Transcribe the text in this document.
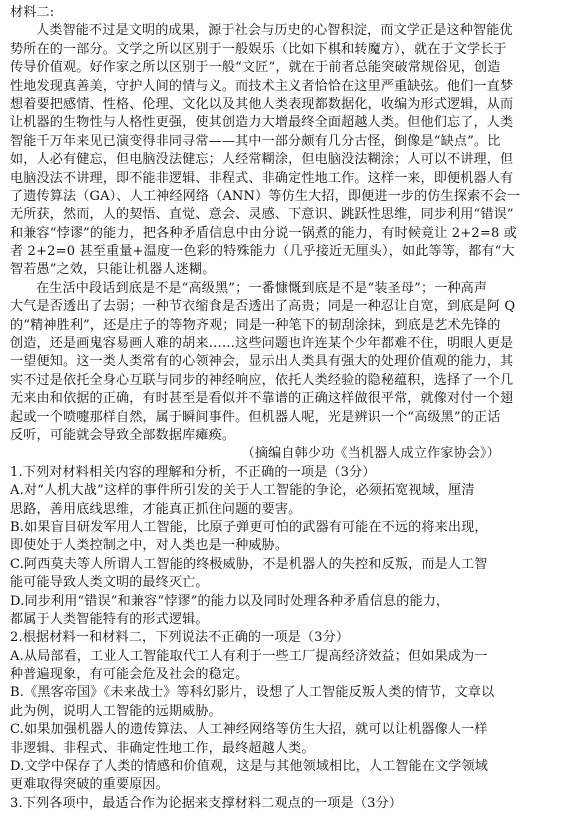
材料二:
人类智能不过是文明的成果，源于社会与历史的心智积淀，而文学正是这种智能优
势所在的一部分。文学之所以区别于一般娱乐（比如下棋和转魔方），就在于文学长于
传导价值观。好作家之所以区别于一般“文匠”，就在于前者总能突破常规俗见，创造
性地发现真善美，守护人间的情与义。而技术主义者恰恰在这里严重缺弦。他们一直梦
想着要把感情、性格、伦理、文化以及其他人类表现都数据化，收编为形式逻辑，从而
让机器的生物性与人格性更强，使其创造力大增最终全面超越人类。但他们忘了，人类
智能千万年来见已演变得非同寻常——其中一部分颇有几分古怪，倒像是“缺点”。比
如，人必有健忘，但电脑没法健忘；人经常糊涂，但电脑没法糊涂；人可以不讲理，但
电脑没法不讲理，即不能非逻辑、非程式、非确定性地工作。这样一来，即便机器人有
了遗传算法（GA）、人工神经网络（ANN）等仿生大招，即便进一步的仿生探索不会一
无所获，然而，人的契悟、直觉、意会、灵感、下意识、跳跃性思维，同步利用“错误”
和兼容“悖谬”的能力，把各种矛盾信息中由分说一锅煮的能力，有时候竟让 2+2=8 或
者 2+2=0 甚至重量+温度一色彩的特殊能力（几乎接近无厘头），如此等等，都有“大
智若愚”之效，只能让机器人迷糊。
在生活中段话到底是不是“高级黑”；一番慷慨到底是不是“装圣母”；一种高声
大气是否透出了去弱；一种节衣缩食是否透出了高贵；同是一种忍让自宽，到底是阿 Q
的“精神胜利”，还是庄子的等物齐观；同是一种笔下的韧刮涂抹，到底是艺术先锋的
创造，还是画鬼容易画人难的胡来……这些问题也许连某个少年都难不住，明眼人更是
一望便知。这一类人类常有的心领神会，显示出人类具有强大的处理价值观的能力，其
实不过是依托全身心互联与同步的神经响应，依托人类经验的隐秘蕴积，选择了一个几
无来由和依据的正确，有时甚至是看似并不靠谱的正确这样做很平常，就像对付一个翅
起或一个喷嚏那样自然，属于瞬间事件。但机器人呢，光是辨识一个“高级黑”的正话
反听，可能就会导致全部数据库瘫痪。
（摘编自韩少功《当机器人成立作家协会》）
1.下列对材料相关内容的理解和分析，不正确的一项是（3分）
A.对“人机大战”这样的事件所引发的关于人工智能的争论，必须拓宽视域，厘清
思路，善用底线思维，才能真正抓住问题的要害。
B.如果盲目研发军用人工智能，比原子弹更可怕的武器有可能在不远的将来出现，
即使处于人类控制之中，对人类也是一种威胁。
C.阿西莫夫等人所谓人工智能的终极威胁，不是机器人的失控和反叛，而是人工智
能可能导致人类文明的最终灭亡。
D.同步利用“错误”和兼容“悖谬”的能力以及同时处理各种矛盾信息的能力，
都属于人类智能特有的形式逻辑。
2.根据材料一和材料二，下列说法不正确的一项是（3分）
A.从局部看，工业人工智能取代工人有利于一些工厂提高经济效益；但如果成为一
种普遍现象，有可能会危及社会的稳定。
B.《黑客帝国》《未来战士》等科幻影片，设想了人工智能反叛人类的情节，文章以
此为例，说明人工智能的远期威胁。
C.如果加强机器人的遗传算法、人工神经网络等仿生大招，就可以让机器像人一样
非逻辑、非程式、非确定性地工作，最终超越人类。
D.文学中保存了人类的情感和价值观，这是与其他领域相比，人工智能在文学领域
更难取得突破的重要原因。
3.下列各项中，最适合作为论据来支撑材料二观点的一项是（3分）
